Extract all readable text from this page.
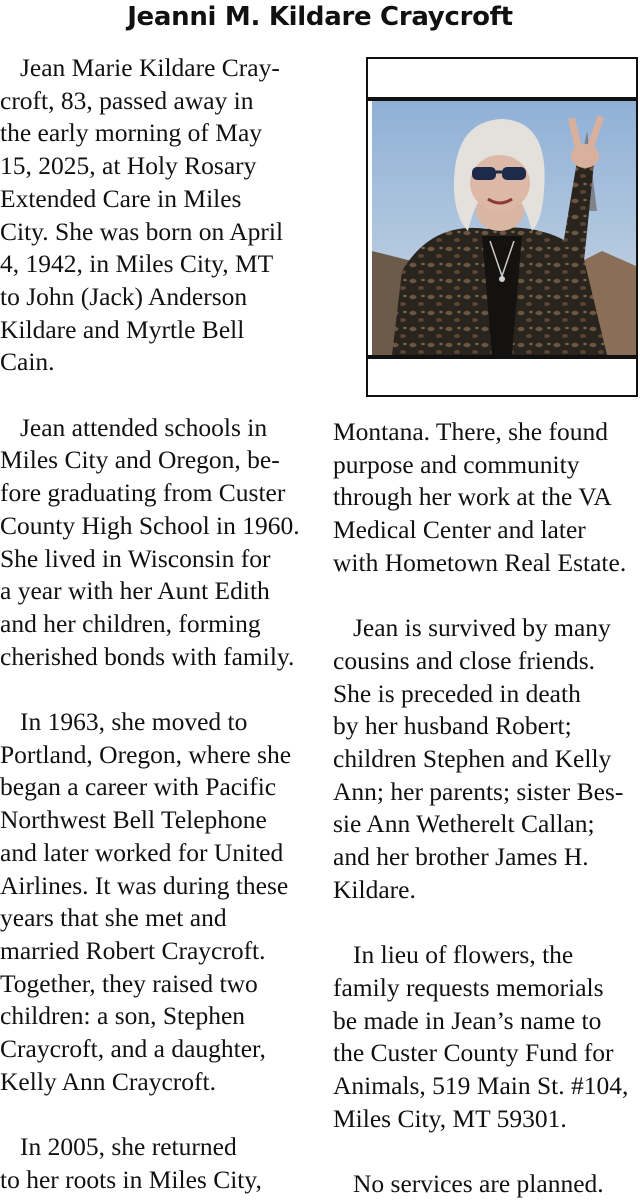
Jeanni M. Kildare Craycroft

Jean Marie Kildare Cray-
croft, 83, passed away in
the early morning of May
15, 2025, at Holy Rosary
Extended Care in Miles
City. She was born on April
4, 1942, in Miles City, MT
to John (Jack) Anderson
Kildare and Myrtle Bell
Cain.

Jean attended schools in
Miles City and Oregon, be-
fore graduating from Custer
County High School in 1960.
She lived in Wisconsin for
a year with her Aunt Edith
and her children, forming
cherished bonds with family.

In 1963, she moved to
Portland, Oregon, where she
began a career with Pacific
Northwest Bell Telephone
and later worked for United
Airlines. It was during these
years that she met and
married Robert Craycroft.
Together, they raised two
children: a son, Stephen
Craycroft, and a daughter,
Kelly Ann Craycroft.

In 2005, she returned
to her roots in Miles City,

Montana. There, she found
purpose and community
through her work at the VA
Medical Center and later
with Hometown Real Estate.

Jean is survived by many
cousins and close friends.
She is preceded in death
by her husband Robert;
children Stephen and Kelly
Ann; her parents; sister Bes-
sie Ann Wetherelt Callan;
and her brother James H.
Kildare.

In lieu of flowers, the
family requests memorials
be made in Jean’s name to
the Custer County Fund for
Animals, 519 Main St. #104,
Miles City, MT 59301.

No services are planned.
